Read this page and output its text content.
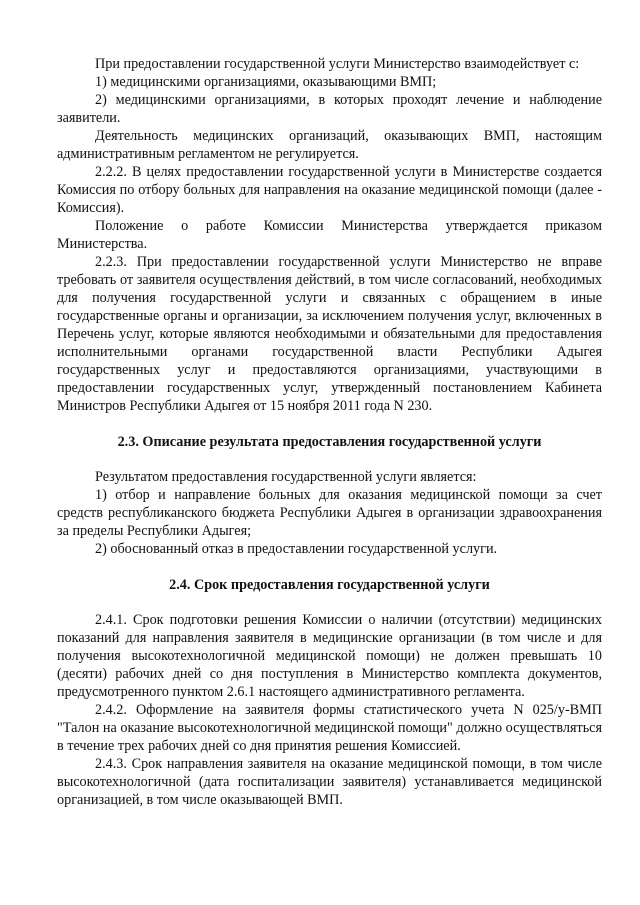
При предоставлении государственной услуги Министерство взаимодействует с:

1) медицинскими организациями, оказывающими ВМП;

2) медицинскими организациями, в которых проходят лечение и наблюдение заявители.

Деятельность медицинских организаций, оказывающих ВМП, настоящим административным регламентом не регулируется.

2.2.2. В целях предоставлении государственной услуги в Министерстве создается Комиссия по отбору больных для направления на оказание медицинской помощи (далее - Комиссия).

Положение о работе Комиссии Министерства утверждается приказом Министерства.

2.2.3. При предоставлении государственной услуги Министерство не вправе требовать от заявителя осуществления действий, в том числе согласований, необходимых для получения государственной услуги и связанных с обращением в иные государственные органы и организации, за исключением получения услуг, включенных в Перечень услуг, которые являются необходимыми и обязательными для предоставления исполнительными органами государственной власти Республики Адыгея государственных услуг и предоставляются организациями, участвующими в предоставлении государственных услуг, утвержденный постановлением Кабинета Министров Республики Адыгея от 15 ноября 2011 года N 230.

2.3. Описание результата предоставления государственной услуги

Результатом предоставления государственной услуги является:

1) отбор и направление больных для оказания медицинской помощи за счет средств республиканского бюджета Республики Адыгея в организации здравоохранения за пределы Республики Адыгея;

2) обоснованный отказ в предоставлении государственной услуги.

2.4. Срок предоставления государственной услуги

2.4.1. Срок подготовки решения Комиссии о наличии (отсутствии) медицинских показаний для направления заявителя в медицинские организации (в том числе и для получения высокотехнологичной медицинской помощи) не должен превышать 10 (десяти) рабочих дней со дня поступления в Министерство комплекта документов, предусмотренного пунктом 2.6.1 настоящего административного регламента.

2.4.2. Оформление на заявителя формы статистического учета N 025/у-ВМП "Талон на оказание высокотехнологичной медицинской помощи" должно осуществляться в течение трех рабочих дней со дня принятия решения Комиссией.

2.4.3. Срок направления заявителя на оказание медицинской помощи, в том числе высокотехнологичной (дата госпитализации заявителя) устанавливается медицинской организацией, в том числе оказывающей ВМП.
